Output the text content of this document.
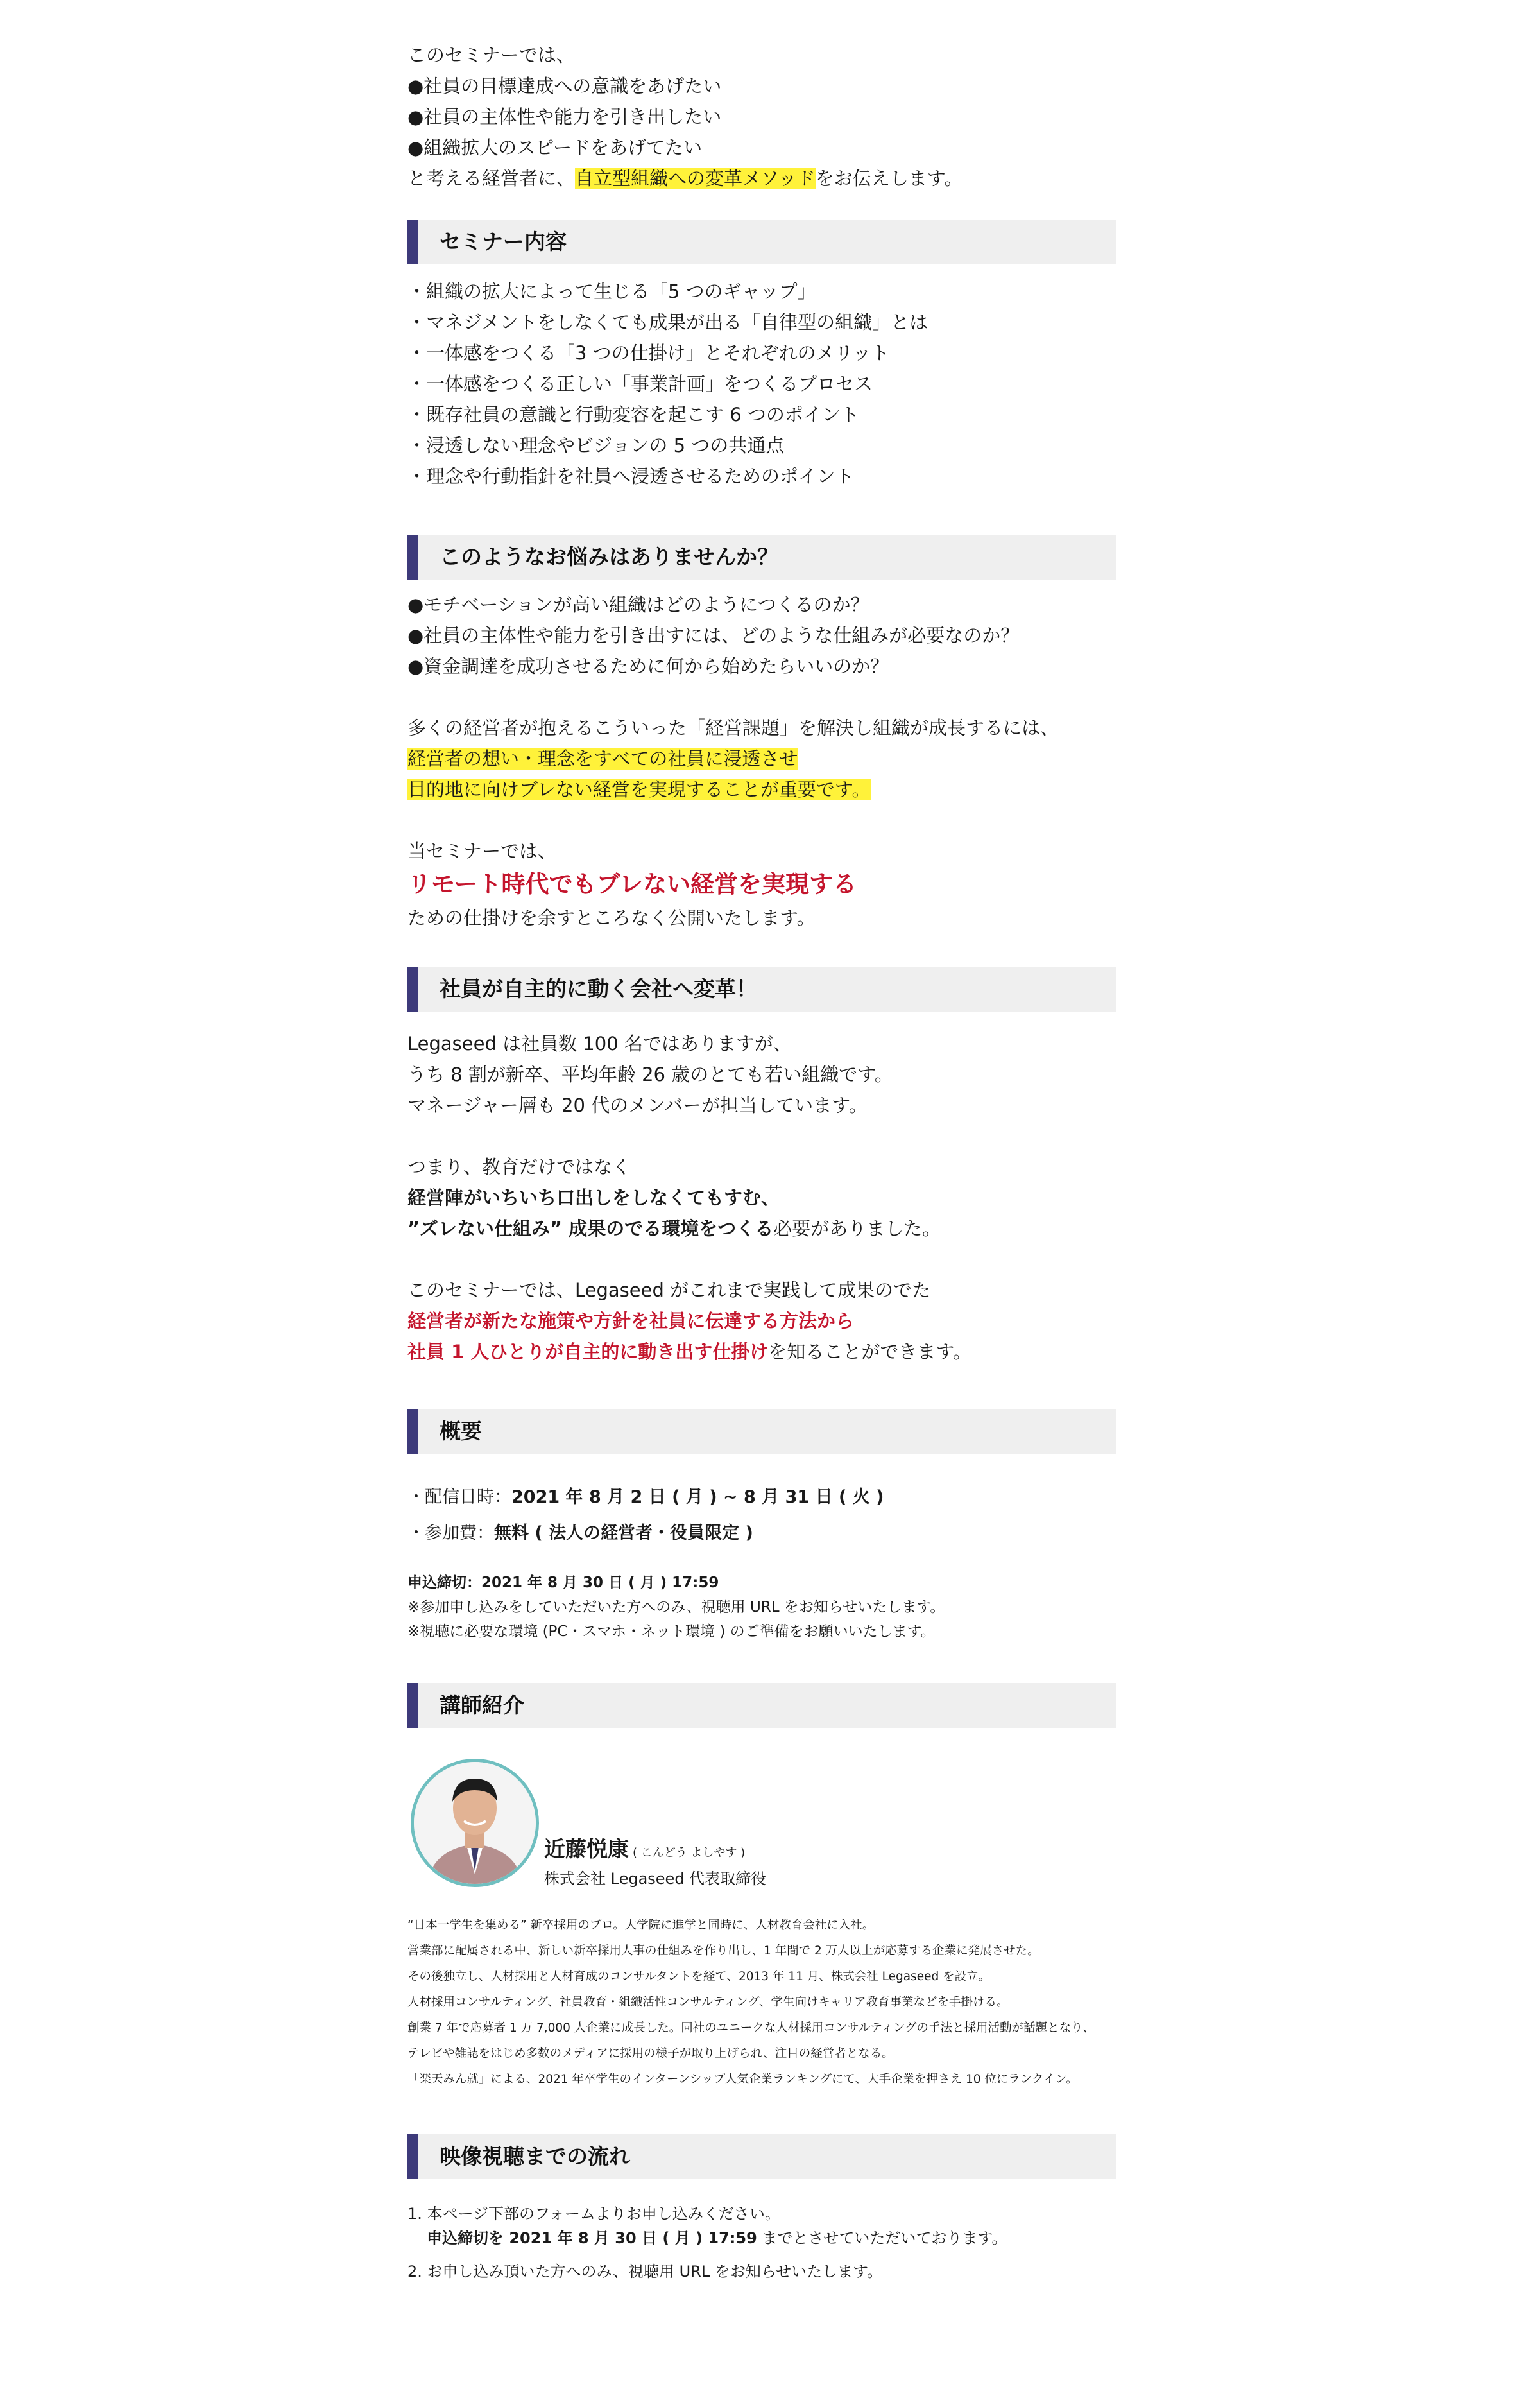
このセミナーでは、

●社員の目標達成への意識をあげたい

●社員の主体性や能力を引き出したい

●組織拡大のスピードをあげてたい

と考える経営者に、自立型組織への変革メソッドをお伝えします。

セミナー内容

・組織の拡大によって生じる「5 つのギャップ」

・マネジメントをしなくても成果が出る「自律型の組織」とは

・一体感をつくる「3 つの仕掛け」とそれぞれのメリット

・一体感をつくる正しい「事業計画」をつくるプロセス

・既存社員の意識と行動変容を起こす 6 つのポイント

・浸透しない理念やビジョンの 5 つの共通点

・理念や行動指針を社員へ浸透させるためのポイント

このようなお悩みはありませんか？

●モチベーションが高い組織はどのようにつくるのか？

●社員の主体性や能力を引き出すには、どのような仕組みが必要なのか？

●資金調達を成功させるために何から始めたらいいのか？

多くの経営者が抱えるこういった「経営課題」を解決し組織が成長するには、

経営者の想い・理念をすべての社員に浸透させ

目的地に向けブレない経営を実現することが重要です。

当セミナーでは、

リモート時代でもブレない経営を実現する

ための仕掛けを余すところなく公開いたします。

社員が自主的に動く会社へ変革！

Legaseed は社員数 100 名ではありますが、

うち 8 割が新卒、平均年齢 26 歳のとても若い組織です。

マネージャー層も 20 代のメンバーが担当しています。

つまり、教育だけではなく

経営陣がいちいち口出しをしなくてもすむ、

”ズレない仕組み” 成果のでる環境をつくる必要がありました。

このセミナーでは、Legaseed がこれまで実践して成果のでた

経営者が新たな施策や方針を社員に伝達する方法から

社員 1 人ひとりが自主的に動き出す仕掛けを知ることができます。

概要

・配信日時：2021 年 8 月 2 日 ( 月 ) ~ 8 月 31 日 ( 火 )

・参加費：無料 ( 法人の経営者・役員限定 )

申込締切：2021 年 8 月 30 日 ( 月 ) 17:59

※参加申し込みをしていただいた方へのみ、視聴用 URL をお知らせいたします。

※視聴に必要な環境 (PC・スマホ・ネット環境 ) のご準備をお願いいたします。

講師紹介
近藤悦康 ( こんどう よしやす )
株式会社 Legaseed 代表取締役

“日本一学生を集める” 新卒採用のプロ。大学院に進学と同時に、人材教育会社に入社。

営業部に配属される中、新しい新卒採用人事の仕組みを作り出し、1 年間で 2 万人以上が応募する企業に発展させた。

その後独立し、人材採用と人材育成のコンサルタントを経て、2013 年 11 月、株式会社 Legaseed を設立。

人材採用コンサルティング、社員教育・組織活性コンサルティング、学生向けキャリア教育事業などを手掛ける。

創業 7 年で応募者 1 万 7,000 人企業に成長した。同社のユニークな人材採用コンサルティングの手法と採用活動が話題となり、

テレビや雑誌をはじめ多数のメディアに採用の様子が取り上げられ、注目の経営者となる。

「楽天みん就」による、2021 年卒学生のインターンシップ人気企業ランキングにて、大手企業を押さえ 10 位にランクイン。

映像視聴までの流れ

1. 本ページ下部のフォームよりお申し込みください。

申込締切を 2021 年 8 月 30 日 ( 月 ) 17:59 までとさせていただいております。

2. お申し込み頂いた方へのみ、視聴用 URL をお知らせいたします。
